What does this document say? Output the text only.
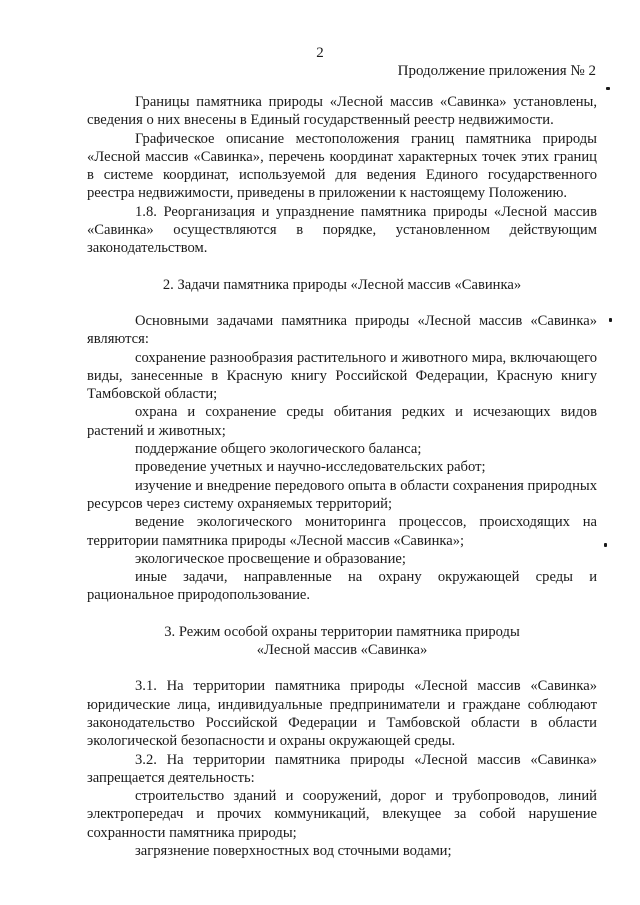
2
Продолжение приложения № 2

Границы памятника природы «Лесной массив «Савинка» установлены, сведения о них внесены в Единый государственный реестр недвижимости.

Графическое описание местоположения границ памятника природы «Лесной массив «Савинка», перечень координат характерных точек этих границ в системе координат, используемой для ведения Единого государственного реестра недвижимости, приведены в приложении к настоящему Положению.

1.8. Реорганизация и упразднение памятника природы «Лесной массив «Савинка» осуществляются в порядке, установленном действующим законодательством.

2. Задачи памятника природы «Лесной массив «Савинка»

Основными задачами памятника природы «Лесной массив «Савинка» являются:

сохранение разнообразия растительного и животного мира, включающего виды, занесенные в Красную книгу Российской Федерации, Красную книгу Тамбовской области;

охрана и сохранение среды обитания редких и исчезающих видов растений и животных;

поддержание общего экологического баланса;

проведение учетных и научно-исследовательских работ;

изучение и внедрение передового опыта в области сохранения природных ресурсов через систему охраняемых территорий;

ведение экологического мониторинга процессов, происходящих на территории памятника природы «Лесной массив «Савинка»;

экологическое просвещение и образование;

иные задачи, направленные на охрану окружающей среды и рациональное природопользование.

3. Режим особой охраны территории памятника природы

«Лесной массив «Савинка»

3.1. На территории памятника природы «Лесной массив «Савинка» юридические лица, индивидуальные предприниматели и граждане соблюдают законодательство Российской Федерации и Тамбовской области в области экологической безопасности и охраны окружающей среды.

3.2. На территории памятника природы «Лесной массив «Савинка» запрещается деятельность:

строительство зданий и сооружений, дорог и трубопроводов, линий электропередач и прочих коммуникаций, влекущее за собой нарушение сохранности памятника природы;

загрязнение поверхностных вод сточными водами;
